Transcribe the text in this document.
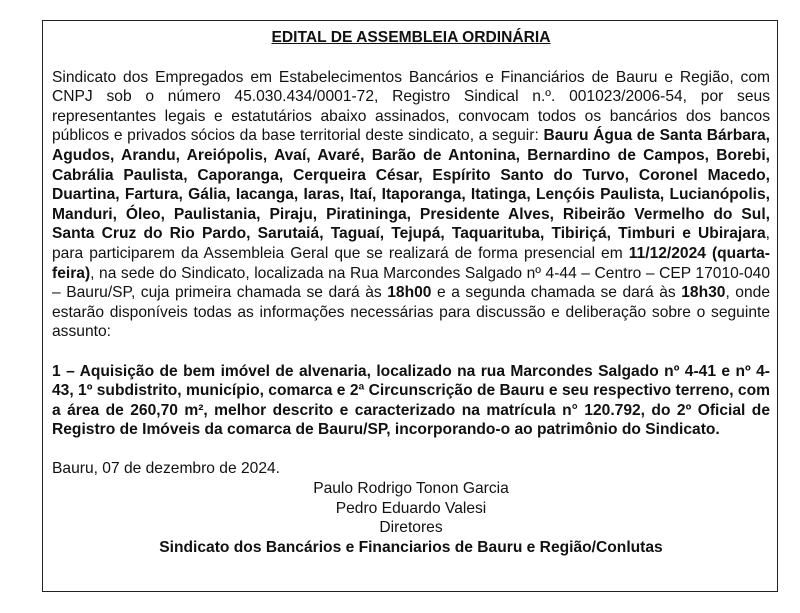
EDITAL DE ASSEMBLEIA ORDINÁRIA

Sindicato dos Empregados em Estabelecimentos Bancários e Financiários de Bauru e Região, com CNPJ sob o número 45.030.434/0001-72, Registro Sindical n.º. 001023/2006-54, por seus representantes legais e estatutários abaixo assinados, convocam todos os bancários dos bancos públicos e privados sócios da base territorial deste sindicato, a seguir: Bauru Água de Santa Bárbara, Agudos, Arandu, Areiópolis, Avaí, Avaré, Barão de Antonina, Bernardino de Campos, Borebi, Cabrália Paulista, Caporanga, Cerqueira César, Espírito Santo do Turvo, Coronel Macedo, Duartina, Fartura, Gália, Iacanga, Iaras, Itaí, Itaporanga, Itatinga, Lençóis Paulista, Lucianópolis, Manduri, Óleo, Paulistania, Piraju, Piratininga, Presidente Alves, Ribeirão Vermelho do Sul, Santa Cruz do Rio Pardo, Sarutaiá, Taguaí, Tejupá, Taquarituba, Tibiriçá, Timburi e Ubirajara, para participarem da Assembleia Geral que se realizará de forma presencial em 11/12/2024 (quarta-feira), na sede do Sindicato, localizada na Rua Marcondes Salgado nº 4-44 – Centro – CEP 17010-040 – Bauru/SP, cuja primeira chamada se dará às 18h00 e a segunda chamada se dará às 18h30, onde estarão disponíveis todas as informações necessárias para discussão e deliberação sobre o seguinte assunto:

1 – Aquisição de bem imóvel de alvenaria, localizado na rua Marcondes Salgado nº 4-41 e nº 4-43, 1º subdistrito, município, comarca e 2ª Circunscrição de Bauru e seu respectivo terreno, com a área de 260,70 m², melhor descrito e caracterizado na matrícula n° 120.792, do 2º Oficial de Registro de Imóveis da comarca de Bauru/SP, incorporando-o ao patrimônio do Sindicato.

Bauru, 07 de dezembro de 2024.

Paulo Rodrigo Tonon Garcia

Pedro Eduardo Valesi

Diretores

Sindicato dos Bancários e Financiarios de Bauru e Região/Conlutas
